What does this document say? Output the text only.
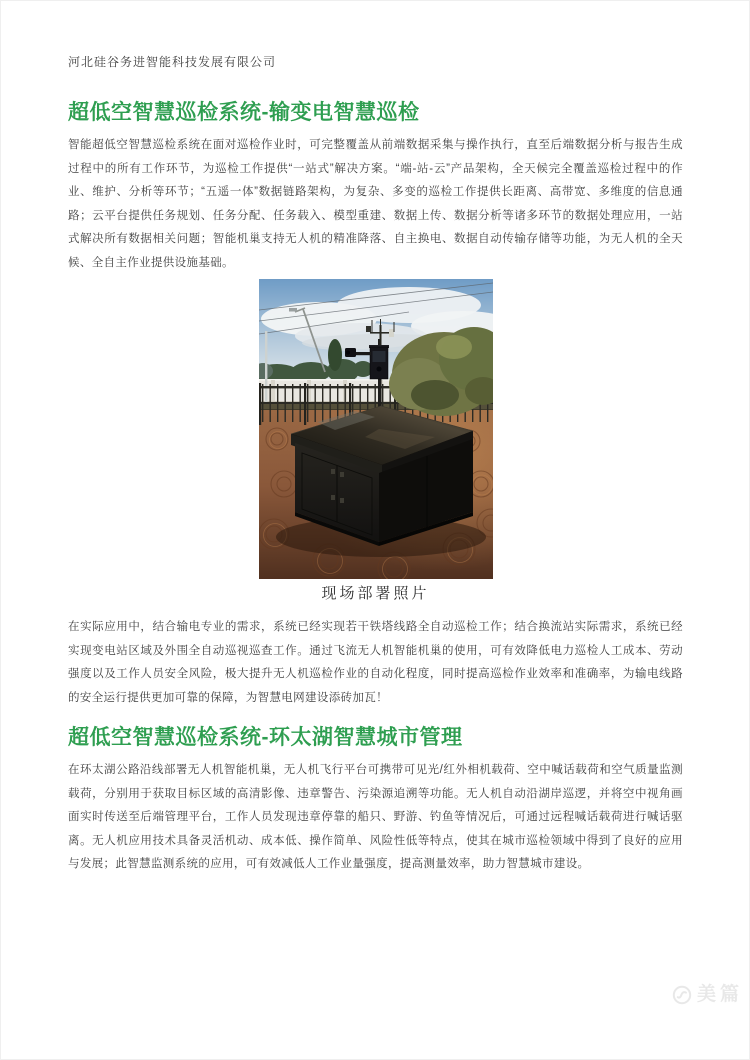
河北硅谷务进智能科技发展有限公司

超低空智慧巡检系统-输变电智慧巡检

智能超低空智慧巡检系统在面对巡检作业时，可完整覆盖从前端数据采集与操作执行，直至后端数据分析与报告生成过程中的所有工作环节，为巡检工作提供“一站式”解决方案。“端-站-云”产品架构，全天候完全覆盖巡检过程中的作业、维护、分析等环节；“五遥一体”数据链路架构，为复杂、多变的巡检工作提供长距离、高带宽、多维度的信息通路；云平台提供任务规划、任务分配、任务载入、模型重建、数据上传、数据分析等诸多环节的数据处理应用，一站式解决所有数据相关问题；智能机巢支持无人机的精准降落、自主换电、数据自动传输存储等功能，为无人机的全天候、全自主作业提供设施基础。

现场部署照片

在实际应用中，结合输电专业的需求，系统已经实现若干铁塔线路全自动巡检工作；结合换流站实际需求，系统已经实现变电站区域及外围全自动巡视巡查工作。通过飞流无人机智能机巢的使用，可有效降低电力巡检人工成本、劳动强度以及工作人员安全风险，极大提升无人机巡检作业的自动化程度，同时提高巡检作业效率和准确率，为输电线路的安全运行提供更加可靠的保障，为智慧电网建设添砖加瓦！

超低空智慧巡检系统-环太湖智慧城市管理

在环太湖公路沿线部署无人机智能机巢，无人机飞行平台可携带可见光/红外相机载荷、空中喊话载荷和空气质量监测载荷，分别用于获取目标区域的高清影像、违章警告、污染源追溯等功能。无人机自动沿湖岸巡逻，并将空中视角画面实时传送至后端管理平台，工作人员发现违章停靠的船只、野游、钓鱼等情况后，可通过远程喊话载荷进行喊话驱离。无人机应用技术具备灵活机动、成本低、操作简单、风险性低等特点，使其在城市巡检领域中得到了良好的应用与发展；此智慧监测系统的应用，可有效减低人工作业量强度，提高测量效率，助力智慧城市建设。

美篇
